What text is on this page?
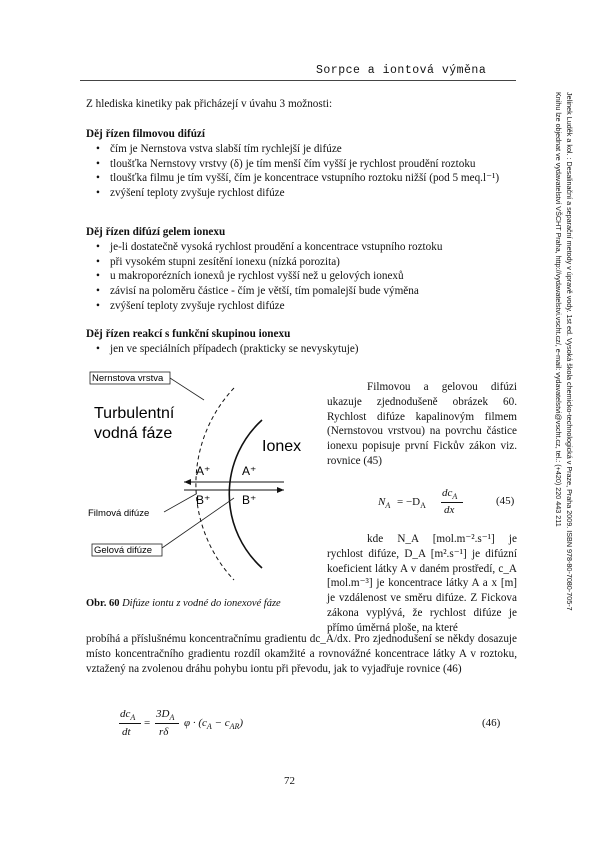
Sorpce a iontová výměna
Z hlediska kinetiky pak přicházejí v úvahu 3 možnosti:
Děj řízen filmovou difúzí
• čím je Nernstova vstva slabší tím rychlejší je difúze
• tloušťka Nernstovy vrstvy (δ) je tím menší čím vyšší je rychlost proudění roztoku
• tloušťka filmu je tím vyšší, čím je koncentrace vstupního roztoku nižší (pod 5 meq.l⁻¹)
• zvýšení teploty zvyšuje rychlost difúze
Děj řízen difúzí gelem ionexu
• je-li dostatečně vysoká rychlost proudění a koncentrace vstupního roztoku
• při vysokém stupni zesítění ionexu (nízká porozita)
• u makroporézních ionexů je rychlost vyšší než u gelových ionexů
• závisí na poloměru částice - čím je větší, tím pomalejší bude výměna
• zvýšení teploty zvyšuje rychlost difúze
Děj řízen reakcí s funkční skupinou ionexu
• jen ve speciálních případech (prakticky se nevyskytuje)
Nernstova vrstva
Turbulentní
vodná fáze
Ionex
A⁺	A⁺
B⁺	B⁺
Filmová difúze
Gelová difúze
Obr. 60 Difúze iontu z vodné do ionexové fáze
Filmovou a gelovou difúzi ukazuje zjednodušeně obrázek 60. Rychlost difúze kapalinovým filmem (Nernstovou vrstvou) na povrchu částice ionexu popisuje první Fickův zákon viz. rovnice (45)
$N_A = -D_A$
$dc_A$
dx
(45)
kde N_A [mol.m⁻².s⁻¹] je rychlost difúze, D_A [m².s⁻¹] je difúzní koeficient látky A v daném prostředí, c_A [mol.m⁻³] je koncentrace látky A a x [m] je vzdálenost ve směru difúze. Z Fickova zákona vyplývá, že rychlost difúze je přímo úměrná ploše, na které
probíhá a příslušnému koncentračnímu gradientu dc_A/dx. Pro zjednodušení se někdy dosazuje místo koncentračního gradientu rozdíl okamžité a rovnovážné koncentrace látky A v roztoku, vztažený na zvolenou dráhu pohybu iontu při převodu, jak to vyjadřuje rovnice (46)
$dc_A$
dt
=
$3D_A$
rδ
$\varphi \cdot (c_A - c_{AR})$	(46)
72
Jelínek Luděk a kol. : Desalinační a separační metody v úpravě vody. 1st ed. Vysoká škola chemicko-technologická v Praze, Praha 2009. ISBN 978-80-7080-705-7
Knihu lze objednat ve vydavatelství VŠCHT Praha, http://vydavatelstvi.vscht.cz/, e-mail: vydavatelstvi@vscht.cz, tel.: (+420) 220 443 211
